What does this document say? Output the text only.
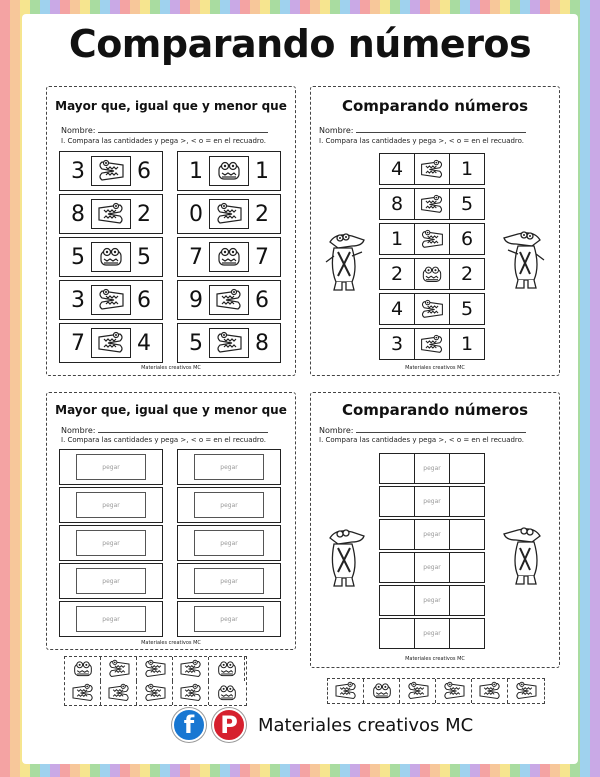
Comparando números
Mayor que, igual que y menor que
Nombre:
I. Compara las cantidades y pega >, < o = en el recuadro.
Materiales creativos MC
3 6
8 2
5 5
3 6
7 4
1 1
0 2
7 7
9 6
5 8
Comparando números
Nombre:
I. Compara las cantidades y pega >, < o = en el recuadro.
Materiales creativos MC
4	1
8	5
1	6
2	2
4	5
3	1
Mayor que, igual que y menor que
Nombre:
I. Compara las cantidades y pega >, < o = en el recuadro.
Materiales creativos MC
pegar
pegar
pegar
pegar
pegar
pegar
pegar
pegar
pegar
pegar
Comparando números
Nombre:
I. Compara las cantidades y pega >, < o = en el recuadro.
Materiales creativos MC
pegar
pegar
pegar
pegar
pegar
pegar
f	P	Materiales creativos MC
